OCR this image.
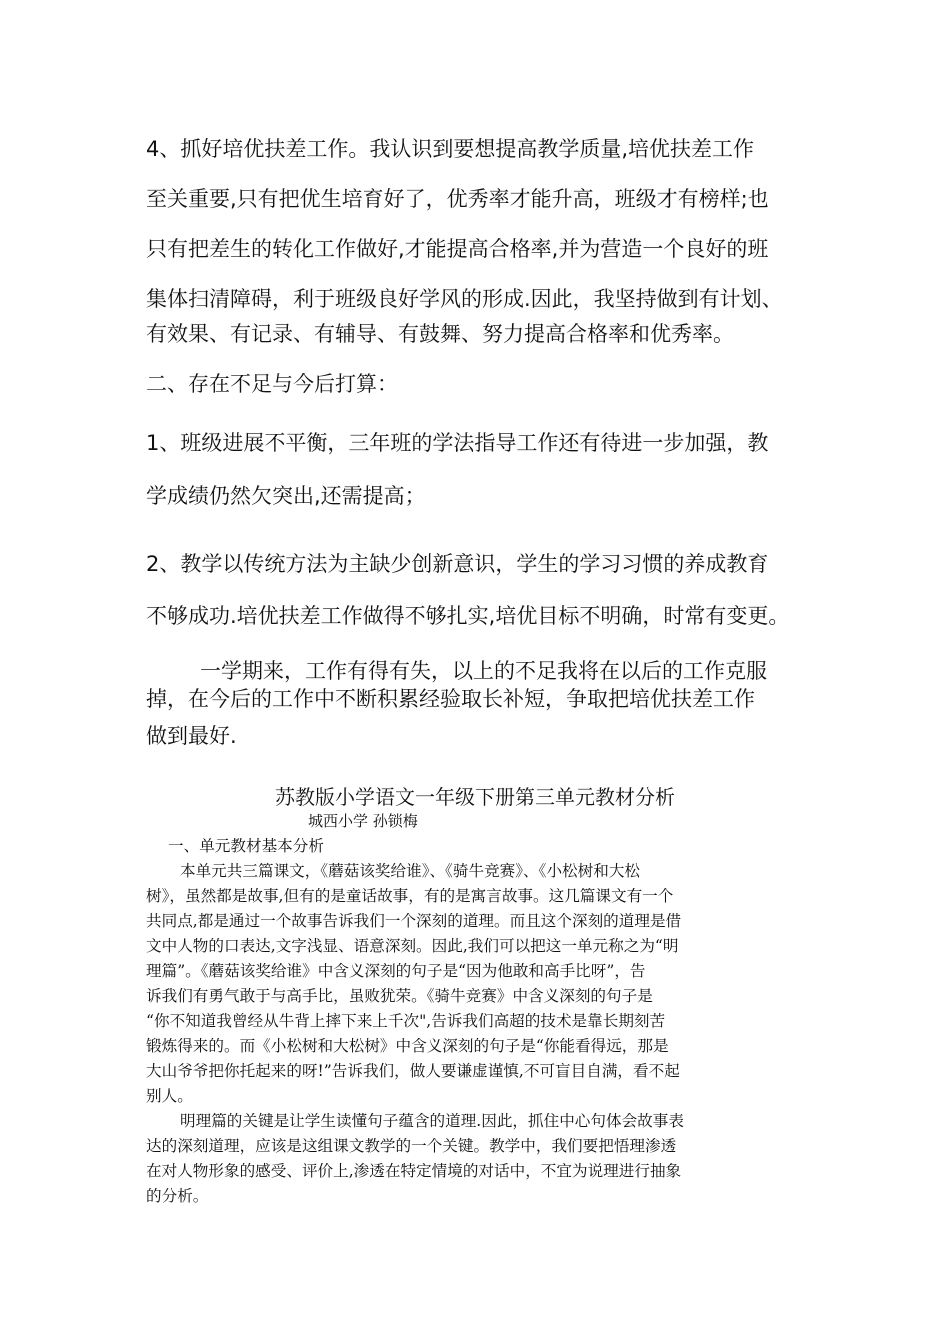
4、抓好培优扶差工作。我认识到要想提高教学质量,培优扶差工作
至关重要,只有把优生培育好了，优秀率才能升高，班级才有榜样;也
只有把差生的转化工作做好,才能提高合格率,并为营造一个良好的班
集体扫清障碍，利于班级良好学风的形成.因此，我坚持做到有计划、
有效果、有记录、有辅导、有鼓舞、努力提高合格率和优秀率。
二、存在不足与今后打算：
1、班级进展不平衡，三年班的学法指导工作还有待进一步加强，教
学成绩仍然欠突出,还需提高；
2、教学以传统方法为主缺少创新意识，学生的学习习惯的养成教育
不够成功.培优扶差工作做得不够扎实,培优目标不明确，时常有变更。
一学期来，工作有得有失，以上的不足我将在以后的工作克服
掉，在今后的工作中不断积累经验取长补短，争取把培优扶差工作
做到最好.
苏教版小学语文一年级下册第三单元教材分析
城西小学 孙锁梅
一、单元教材基本分析
本单元共三篇课文，《蘑菇该奖给谁》、《骑牛竞赛》、《小松树和大松
树》，虽然都是故事,但有的是童话故事，有的是寓言故事。这几篇课文有一个
共同点,都是通过一个故事告诉我们一个深刻的道理。而且这个深刻的道理是借
文中人物的口表达,文字浅显、语意深刻。因此,我们可以把这一单元称之为“明
理篇”。《蘑菇该奖给谁》中含义深刻的句子是“因为他敢和高手比呀”，告
诉我们有勇气敢于与高手比，虽败犹荣。《骑牛竞赛》中含义深刻的句子是
“你不知道我曾经从牛背上摔下来上千次",告诉我们高超的技术是靠长期刻苦
锻炼得来的。而《小松树和大松树》中含义深刻的句子是“你能看得远，那是
大山爷爷把你托起来的呀!”告诉我们，做人要谦虚谨慎,不可盲目自满，看不起
别人。
明理篇的关键是让学生读懂句子蕴含的道理.因此，抓住中心句体会故事表
达的深刻道理，应该是这组课文教学的一个关键。教学中，我们要把悟理渗透
在对人物形象的感受、评价上,渗透在特定情境的对话中，不宜为说理进行抽象
的分析。
